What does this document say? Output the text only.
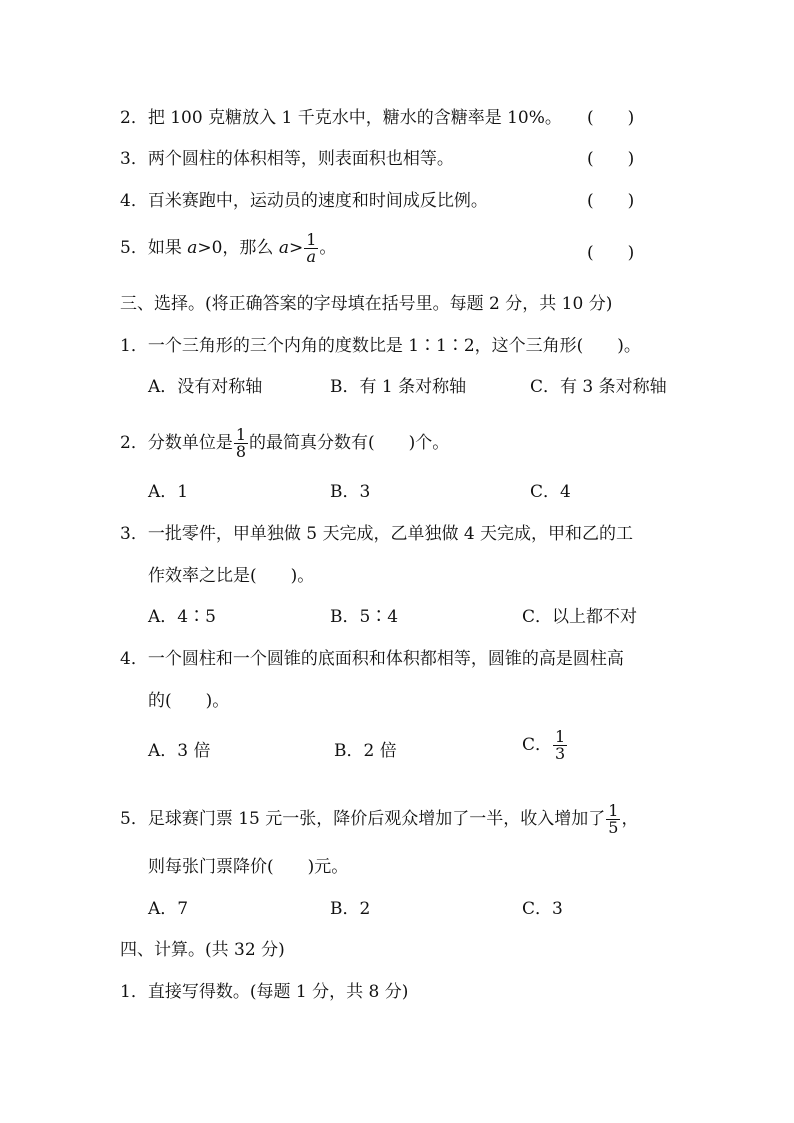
2．把 100 克糖放入 1 千克水中，糖水的含糖率是 10%。 (　　)
3．两个圆柱的体积相等，则表面积也相等。	(　　)
4．百米赛跑中，运动员的速度和时间成反比例。	(　　)
5．如果 a>0，那么 $a> \frac{1}{a}$ 。	(　　)
三、选择。(将正确答案的字母填在括号里。每题 2 分，共 10 分)
1．一个三角形的三个内角的度数比是 1∶1∶2，这个三角形(　　)。
A．没有对称轴	B．有 1 条对称轴	C．有 3 条对称轴
2．分数单位是 $\frac{1}{8}$ 的最简真分数有(　　)个。
A．1	B．3	C．4
3．一批零件，甲单独做 5 天完成，乙单独做 4 天完成，甲和乙的工
作效率之比是(　　)。
A．4∶5	B．5∶4	C．以上都不对
4．一个圆柱和一个圆锥的底面积和体积都相等，圆锥的高是圆柱高
的(　　)。
A．3 倍	B．2 倍	C． $\frac{1}{3}$
5．足球赛门票 15 元一张，降价后观众增加了一半，收入增加了 $\frac{1}{5}$ ，
则每张门票降价(　　)元。
A．7	B．2	C．3
四、计算。(共 32 分)
1．直接写得数。(每题 1 分，共 8 分)
